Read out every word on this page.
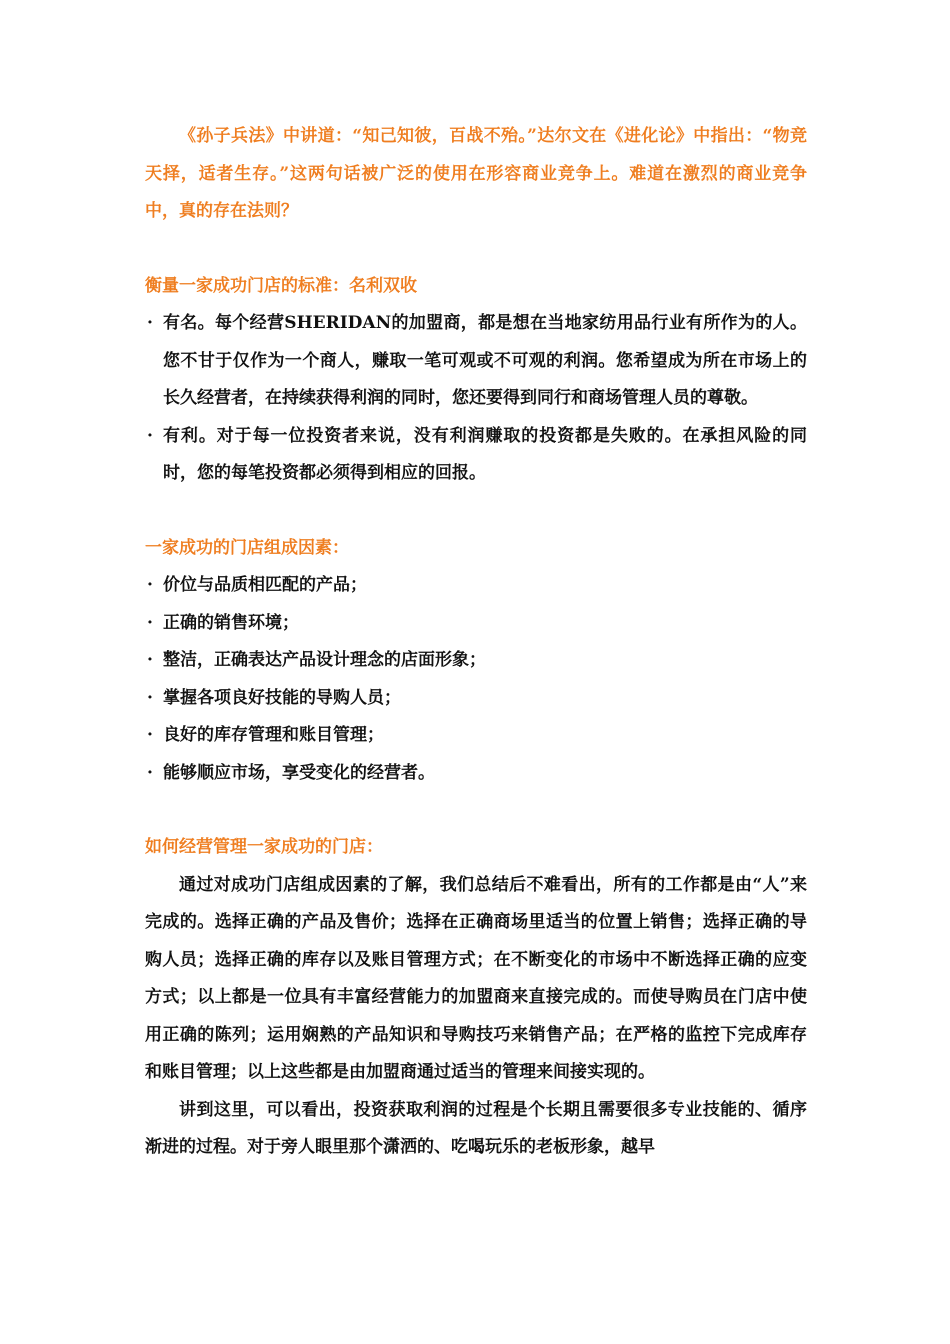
《孙子兵法》中讲道：“知己知彼，百战不殆。”达尔文在《进化论》中指出：“物竞天择，适者生存。”这两句话被广泛的使用在形容商业竞争上。难道在激烈的商业竞争中，真的存在法则？

衡量一家成功门店的标准：名利双收

· 有名。每个经营SHERIDAN的加盟商，都是想在当地家纺用品行业有所作为的人。您不甘于仅作为一个商人，赚取一笔可观或不可观的利润。您希望成为所在市场上的长久经营者，在持续获得利润的同时，您还要得到同行和商场管理人员的尊敬。
· 有利。对于每一位投资者来说，没有利润赚取的投资都是失败的。在承担风险的同时，您的每笔投资都必须得到相应的回报。

一家成功的门店组成因素：

· 价位与品质相匹配的产品；
· 正确的销售环境；
· 整洁，正确表达产品设计理念的店面形象；
· 掌握各项良好技能的导购人员；
· 良好的库存管理和账目管理；
· 能够顺应市场，享受变化的经营者。

如何经营管理一家成功的门店：

通过对成功门店组成因素的了解，我们总结后不难看出，所有的工作都是由“人”来完成的。选择正确的产品及售价；选择在正确商场里适当的位置上销售；选择正确的导购人员；选择正确的库存以及账目管理方式；在不断变化的市场中不断选择正确的应变方式；以上都是一位具有丰富经营能力的加盟商来直接完成的。而使导购员在门店中使用正确的陈列；运用娴熟的产品知识和导购技巧来销售产品；在严格的监控下完成库存和账目管理；以上这些都是由加盟商通过适当的管理来间接实现的。

讲到这里，可以看出，投资获取利润的过程是个长期且需要很多专业技能的、循序渐进的过程。对于旁人眼里那个潇洒的、吃喝玩乐的老板形象，越早
